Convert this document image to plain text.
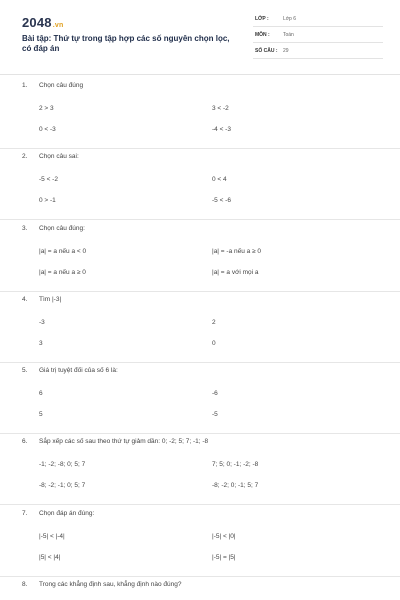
2048.vn
Bài tập: Thứ tự trong tập hợp các số nguyên chọn lọc, có đáp án
LỚP :	Lớp 6
MÔN :	Toán
SỐ CÂU : 29
1. Chọn câu đúng
2 > 3	3 < -2
0 < -3	-4 < -3
2. Chọn câu sai:
-5 < -2	0 < 4
0 > -1	-5 < -6
3. Chọn câu đúng:
|a| = a nếu a < 0	|a| = -a nếu a ≥ 0
|a| = a nếu a ≥ 0	|a| = a với mọi a
4. Tìm |-3|
-3	2
3	0
5. Giá trị tuyệt đối của số 6 là:
6	-6
5	-5
6. Sắp xếp các số sau theo thứ tự giảm dần: 0; -2; 5; 7; -1; -8
-1; -2; -8; 0; 5; 7	7; 5; 0; -1; -2; -8
-8; -2; -1; 0; 5; 7	-8; -2; 0; -1; 5; 7
7. Chọn đáp án đúng:
|-5| < |-4|	|-5| < |0|
|5| < |4|	|-5| = |5|
8. Trong các khẳng định sau, khẳng định nào đúng?
